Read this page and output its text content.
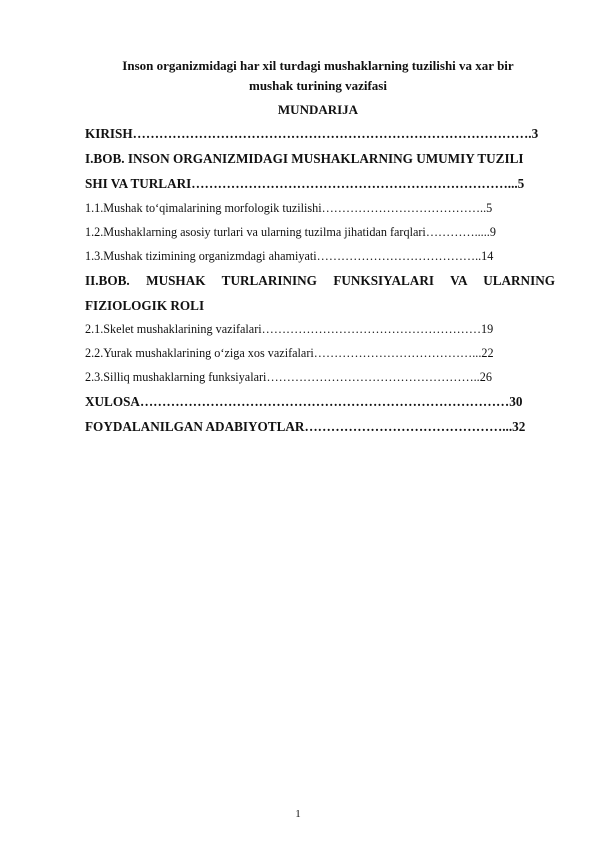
Inson organizmidagi har xil turdagi mushaklarning tuzilishi va xar bir
mushak turining vazifasi
MUNDARIJA
KIRISH……………………………………………………………………………….3
I.BOB. INSON ORGANIZMIDAGI MUSHAKLARNING UMUMIY TUZILI
SHI VA TURLARI………………………………………………………………...5
1.1.Mushak to‘qimalarining morfologik tuzilishi…………………………………..5
1.2.Mushaklarning asosiy turlari va ularning tuzilma jihatidan farqlari………….....9
1.3.Mushak tizimining organizmdagi ahamiyati…………………………………..14
II.BOB. MUSHAK TURLARINING FUNKSIYALARI VA ULARNING
FIZIOLOGIK ROLI
2.1.Skelet mushaklarining vazifalari………………………………………………19
2.2.Yurak mushaklarining o‘ziga xos vazifalari…………………………………...22
2.3.Silliq mushaklarning funksiyalari……………………………………………..26
XULOSA…………………………………………………………………………30
FOYDALANILGAN ADABIYOTLAR………………………………………...32
1
